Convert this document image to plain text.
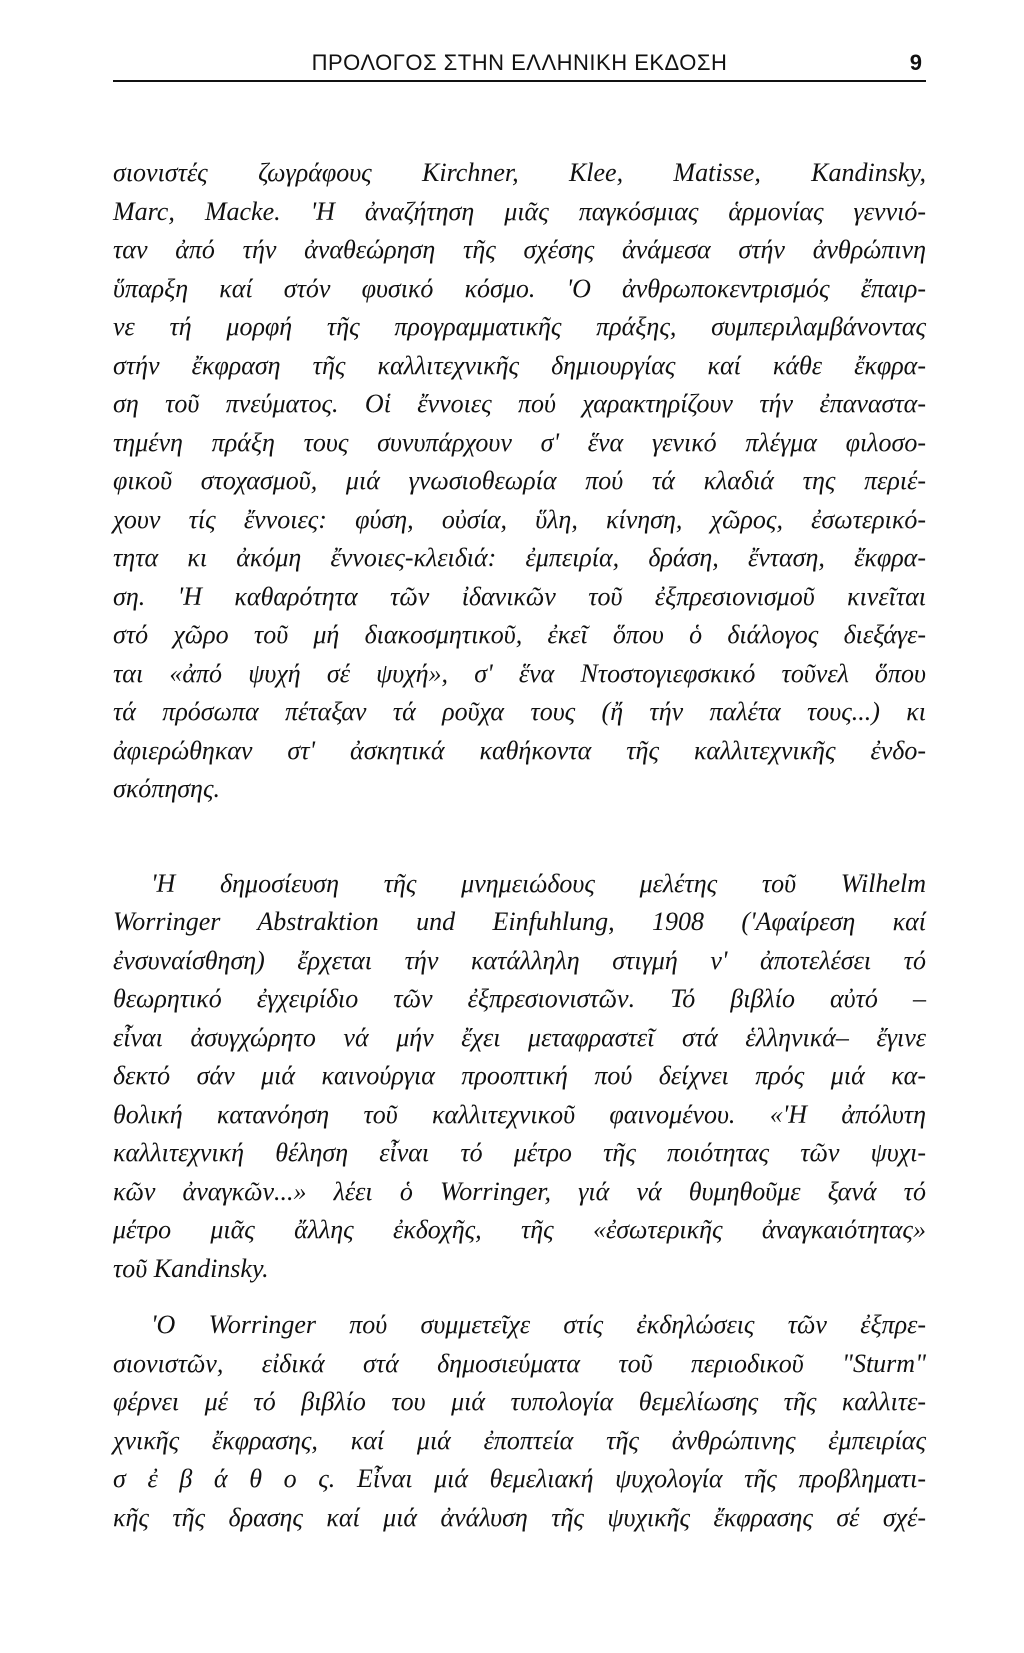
ΠΡΟΛΟΓΟΣ ΣΤΗΝ ΕΛΛΗΝΙΚΗ ΕΚΔΟΣΗ	9
σιονιστές ζωγράφους Kirchner, Klee, Matisse, Kandinsky,
Marc, Macke. 'Η ἀναζήτηση μιᾶς παγκόσμιας ἁρμονίας γεννιό-
ταν ἀπό τήν ἀναθεώρηση τῆς σχέσης ἀνάμεσα στήν ἀνθρώπινη
ὕπαρξη καί στόν φυσικό κόσμο. 'Ο ἀνθρωποκεντρισμός ἔπαιρ-
νε τή μορφή τῆς προγραμματικῆς πράξης, συμπεριλαμβάνοντας
στήν ἔκφραση τῆς καλλιτεχνικῆς δημιουργίας καί κάθε ἔκφρα-
ση τοῦ πνεύματος. Οἱ ἔννοιες πού χαρακτηρίζουν τήν ἐπαναστα-
τημένη πράξη τους συνυπάρχουν σ' ἕνα γενικό πλέγμα φιλοσο-
φικοῦ στοχασμοῦ, μιά γνωσιοθεωρία πού τά κλαδιά της περιέ-
χουν τίς ἔννοιες: φύση, οὐσία, ὕλη, κίνηση, χῶρος, ἐσωτερικό-
τητα κι ἀκόμη ἔννοιες-κλειδιά: ἐμπειρία, δράση, ἔνταση, ἔκφρα-
ση. 'Η καθαρότητα τῶν ἰδανικῶν τοῦ ἐξπρεσιονισμοῦ κινεῖται
στό χῶρο τοῦ μή διακοσμητικοῦ, ἐκεῖ ὅπου ὁ διάλογος διεξάγε-
ται «ἀπό ψυχή σέ ψυχή», σ' ἕνα Ντοστογιεφσκικό τοῦνελ ὅπου
τά πρόσωπα πέταξαν τά ροῦχα τους (ἤ τήν παλέτα τους...) κι
ἀφιερώθηκαν στ' ἀσκητικά καθήκοντα τῆς καλλιτεχνικῆς ἐνδο-
σκόπησης.
'Η δημοσίευση τῆς μνημειώδους μελέτης τοῦ Wilhelm
Worringer Abstraktion und Einfuhlung, 1908 ('Αφαίρεση καί
ἐνσυναίσθηση) ἔρχεται τήν κατάλληλη στιγμή ν' ἀποτελέσει τό
θεωρητικό ἐγχειρίδιο τῶν ἐξπρεσιονιστῶν. Τό βιβλίο αὐτό –
εἶναι ἀσυγχώρητο νά μήν ἔχει μεταφραστεῖ στά ἑλληνικά– ἔγινε
δεκτό σάν μιά καινούργια προοπτική πού δείχνει πρός μιά κα-
θολική κατανόηση τοῦ καλλιτεχνικοῦ φαινομένου. «'Η ἀπόλυτη
καλλιτεχνική θέληση εἶναι τό μέτρο τῆς ποιότητας τῶν ψυχι-
κῶν ἀναγκῶν...» λέει ὁ Worringer, γιά νά θυμηθοῦμε ξανά τό
μέτρο μιᾶς ἄλλης ἐκδοχῆς, τῆς «ἐσωτερικῆς ἀναγκαιότητας»
τοῦ Kandinsky.
'Ο Worringer πού συμμετεῖχε στίς ἐκδηλώσεις τῶν ἐξπρε-
σιονιστῶν, εἰδικά στά δημοσιεύματα τοῦ περιοδικοῦ "Sturm"
φέρνει μέ τό βιβλίο του μιά τυπολογία θεμελίωσης τῆς καλλιτε-
χνικῆς ἔκφρασης, καί μιά ἐποπτεία τῆς ἀνθρώπινης ἐμπειρίας
σ ἐ β ά θ ο ς. Εἶναι μιά θεμελιακή ψυχολογία τῆς προβληματι-
κῆς τῆς δρασης καί μιά ἀνάλυση τῆς ψυχικῆς ἔκφρασης σέ σχέ-
